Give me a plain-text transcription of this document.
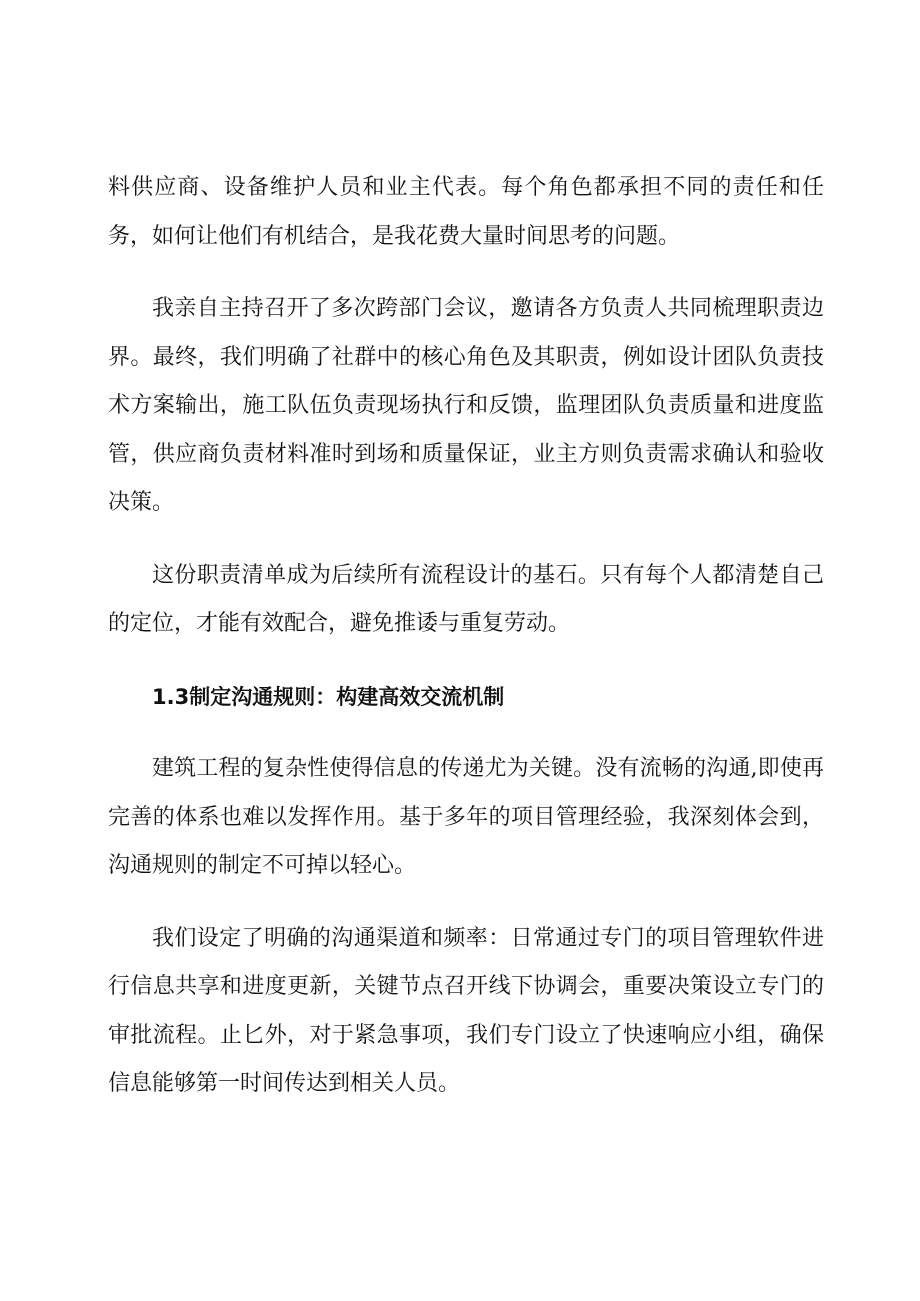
料供应商、设备维护人员和业主代表。每个角色都承担不同的责任和任务，如何让他们有机结合，是我花费大量时间思考的问题。

我亲自主持召开了多次跨部门会议，邀请各方负责人共同梳理职责边界。最终，我们明确了社群中的核心角色及其职责，例如设计团队负责技术方案输出，施工队伍负责现场执行和反馈，监理团队负责质量和进度监管，供应商负责材料准时到场和质量保证，业主方则负责需求确认和验收决策。

这份职责清单成为后续所有流程设计的基石。只有每个人都清楚自己的定位，才能有效配合，避免推诿与重复劳动。

1.3制定沟通规则：构建高效交流机制

建筑工程的复杂性使得信息的传递尤为关键。没有流畅的沟通,即使再完善的体系也难以发挥作用。基于多年的项目管理经验，我深刻体会到，沟通规则的制定不可掉以轻心。

我们设定了明确的沟通渠道和频率：日常通过专门的项目管理软件进行信息共享和进度更新，关键节点召开线下协调会，重要决策设立专门的审批流程。止匕外，对于紧急事项，我们专门设立了快速响应小组，确保信息能够第一时间传达到相关人员。
